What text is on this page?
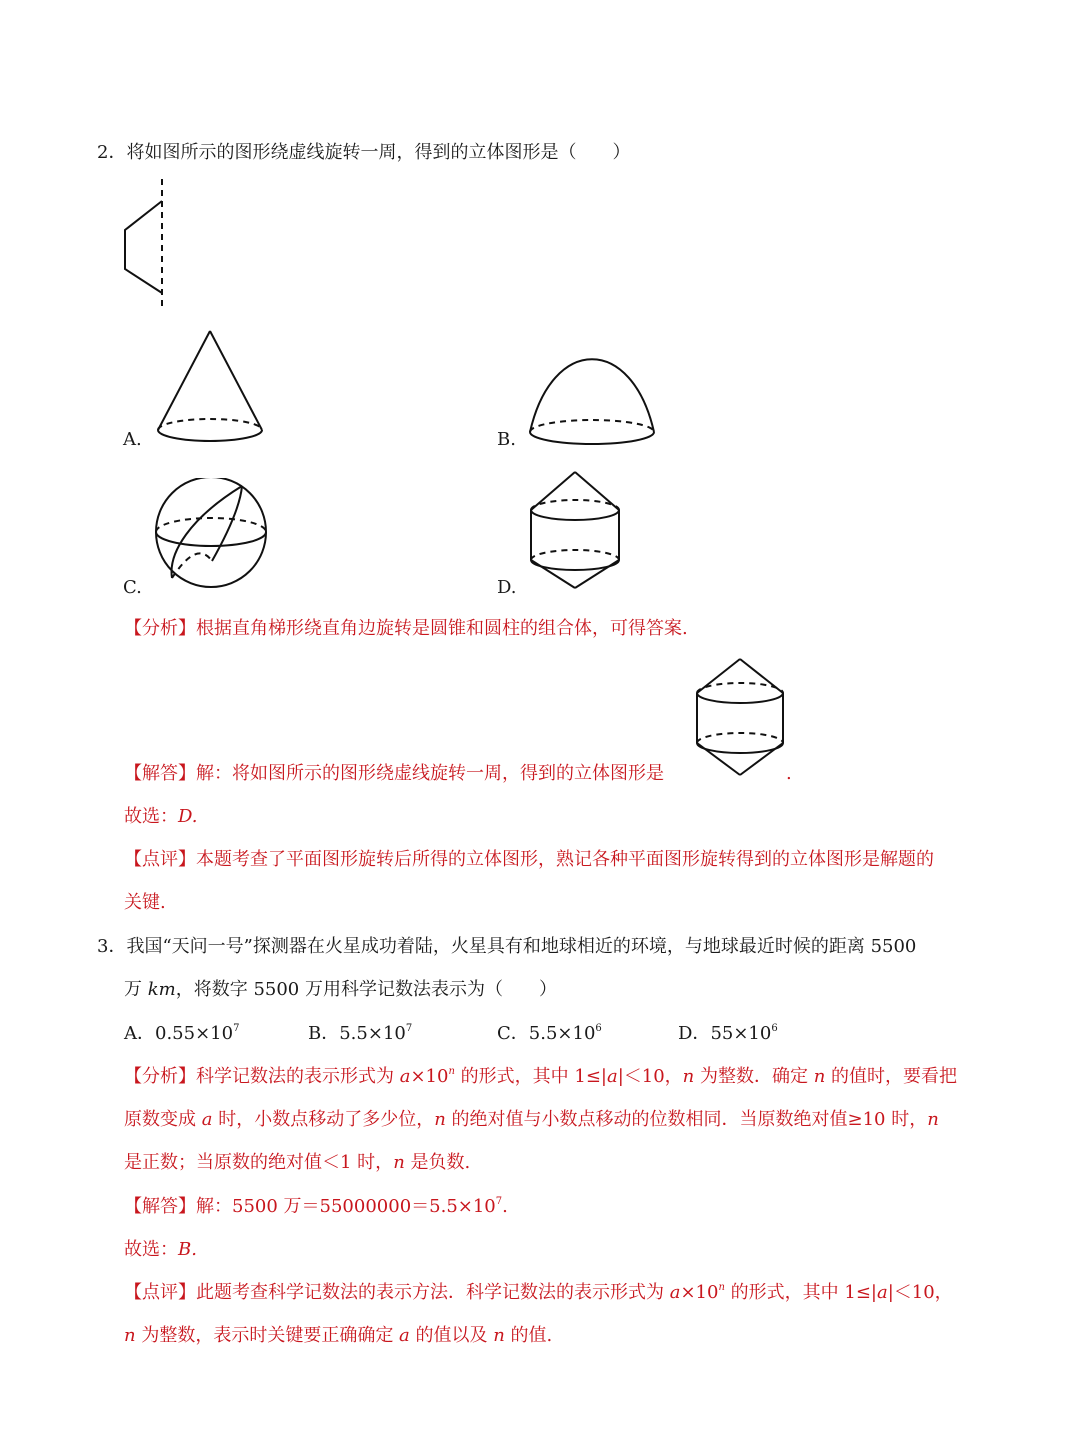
2．将如图所示的图形绕虚线旋转一周，得到的立体图形是（　　）
A.	B.
C.	D.
【分析】根据直角梯形绕直角边旋转是圆锥和圆柱的组合体，可得答案.
【解答】解：将如图所示的图形绕虚线旋转一周，得到的立体图形是	.
故选：D.
【点评】本题考查了平面图形旋转后所得的立体图形，熟记各种平面图形旋转得到的立体图形是解题的
关键.
3．我国“天问一号”探测器在火星成功着陆，火星具有和地球相近的环境，与地球最近时候的距离 5500
万 km，将数字 5500 万用科学记数法表示为（　　）
A．$0.55\times 10^7$	B．$5.5\times 10^7$	C．$5.5\times 10^6$	D．$55\times 10^6$
【分析】科学记数法的表示形式为 $a\times 10^n$ 的形式，其中 1≤|a|＜10，n 为整数．确定 n 的值时，要看把
原数变成 a 时，小数点移动了多少位，n 的绝对值与小数点移动的位数相同．当原数绝对值≥10 时，n
是正数；当原数的绝对值＜1 时，n 是负数.
【解答】解：5500 万$=55000000=5.5\times 10^7$.
故选：B.
【点评】此题考查科学记数法的表示方法．科学记数法的表示形式为 $a\times 10^n$ 的形式，其中 1≤|a|＜10，
n 为整数，表示时关键要正确确定 a 的值以及 n 的值.
